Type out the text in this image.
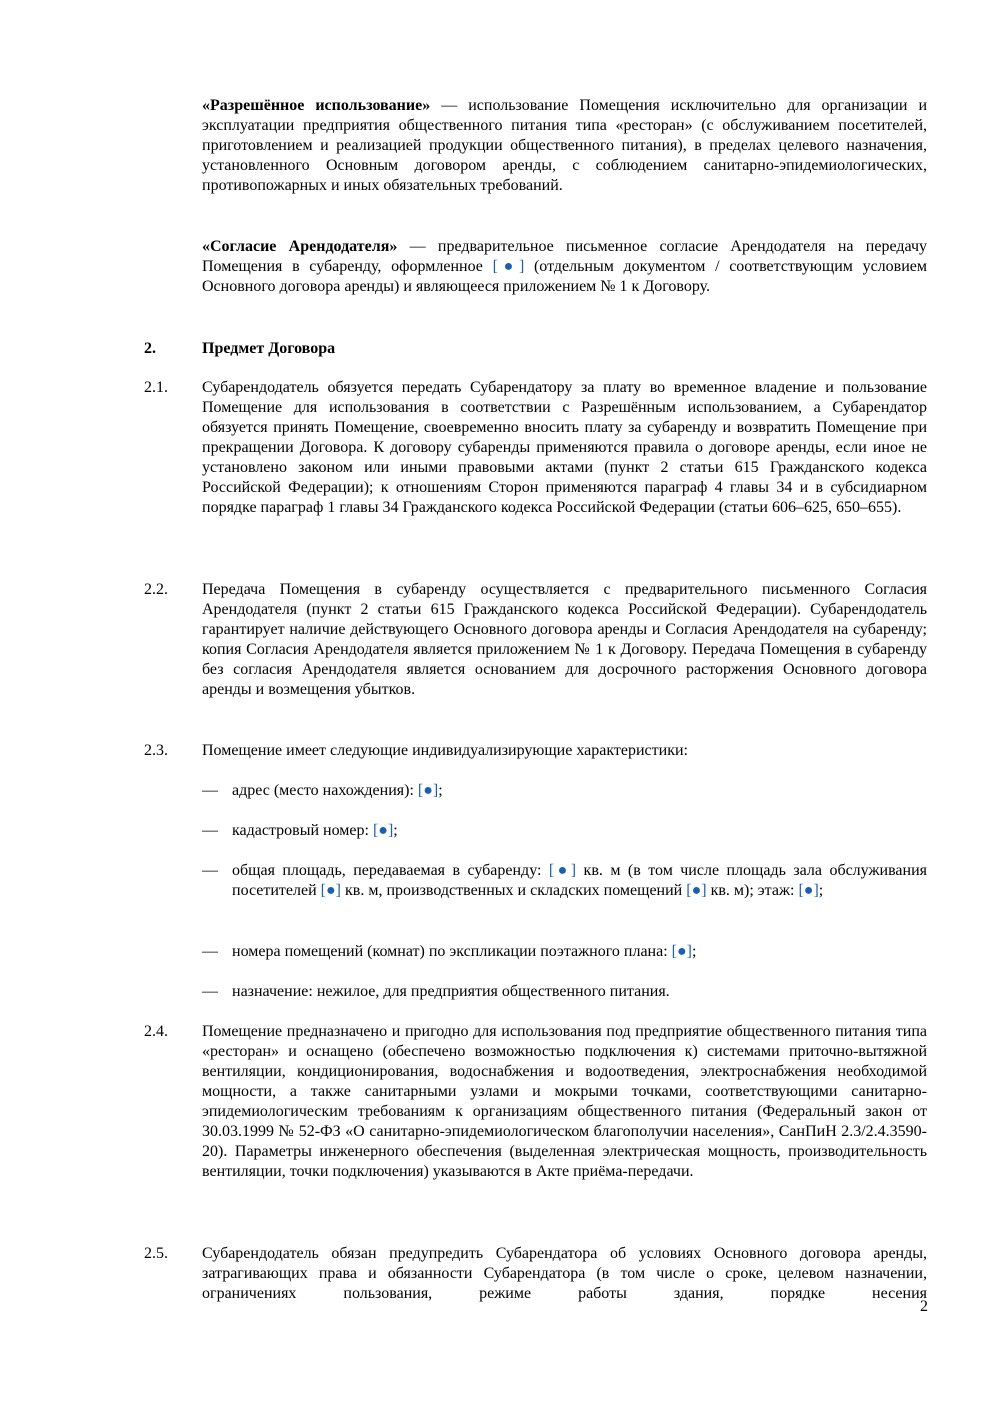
«Разрешённое использование» — использование Помещения исключительно для организации и эксплуатации предприятия общественного питания типа «ресторан» (с обслуживанием посетителей, приготовлением и реализацией продукции общественного питания), в пределах целевого назначения, установленного Основным договором аренды, с соблюдением санитарно-эпидемиологических, противопожарных и иных обязательных требований.

«Согласие Арендодателя» — предварительное письменное согласие Арендодателя на передачу Помещения в субаренду, оформленное [●] (отдельным документом / соответствующим условием Основного договора аренды) и являющееся приложением № 1 к Договору.

2.	Предмет Договора
2.1. Субарендодатель обязуется передать Субарендатору за плату во временное владение и пользование Помещение для использования в соответствии с Разрешённым использованием, а Субарендатор обязуется принять Помещение, своевременно вносить плату за субаренду и возвратить Помещение при прекращении Договора. К договору субаренды применяются правила о договоре аренды, если иное не установлено законом или иными правовыми актами (пункт 2 статьи 615 Гражданского кодекса Российской Федерации); к отношениям Сторон применяются параграф 4 главы 34 и в субсидиарном порядке параграф 1 главы 34 Гражданского кодекса Российской Федерации (статьи 606–625, 650–655).

2.2. Передача Помещения в субаренду осуществляется с предварительного письменного Согласия Арендодателя (пункт 2 статьи 615 Гражданского кодекса Российской Федерации). Субарендодатель гарантирует наличие действующего Основного договора аренды и Согласия Арендодателя на субаренду; копия Согласия Арендодателя является приложением № 1 к Договору. Передача Помещения в субаренду без согласия Арендодателя является основанием для досрочного расторжения Основного договора аренды и возмещения убытков.

2.3. Помещение имеет следующие индивидуализирующие характеристики:

— адрес (место нахождения): [●];

— кадастровый номер: [●];

— общая площадь, передаваемая в субаренду: [●] кв. м (в том числе площадь зала обслуживания посетителей [●] кв. м, производственных и складских помещений [●] кв. м); этаж: [●];

— номера помещений (комнат) по экспликации поэтажного плана: [●];

— назначение: нежилое, для предприятия общественного питания.

2.4. Помещение предназначено и пригодно для использования под предприятие общественного питания типа «ресторан» и оснащено (обеспечено возможностью подключения к) системами приточно-вытяжной вентиляции, кондиционирования, водоснабжения и водоотведения, электроснабжения необходимой мощности, а также санитарными узлами и мокрыми точками, соответствующими санитарно-эпидемиологическим требованиям к организациям общественного питания (Федеральный закон от 30.03.1999 № 52-ФЗ «О санитарно-эпидемиологическом благополучии населения», СанПиН 2.3/2.4.3590-20). Параметры инженерного обеспечения (выделенная электрическая мощность, производительность вентиляции, точки подключения) указываются в Акте приёма-передачи.

2.5. Субарендодатель обязан предупредить Субарендатора об условиях Основного договора аренды, затрагивающих права и обязанности Субарендатора (в том числе о сроке, целевом назначении, ограничениях пользования, режиме работы здания, порядке несения

2
